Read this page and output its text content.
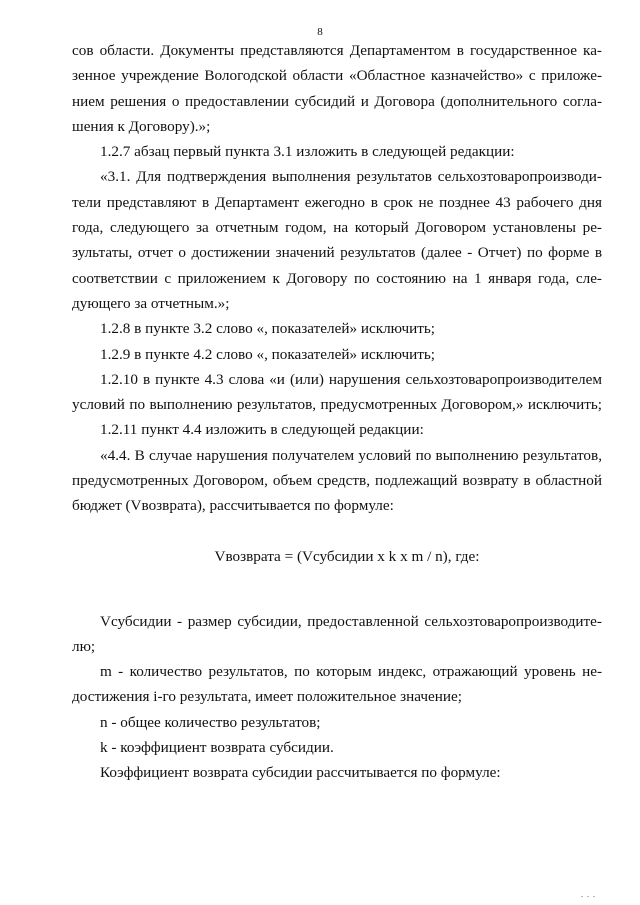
8
сов области. Документы представляются Департаментом в государственное ка-
зенное учреждение Вологодской области «Областное казначейство» с приложе-
нием решения о предоставлении субсидий и Договора (дополнительного согла-
шения к Договору).»;
1.2.7 абзац первый пункта 3.1 изложить в следующей редакции:
«3.1. Для подтверждения выполнения результатов сельхозтоваропроизводи-
тели представляют в Департамент ежегодно в срок не позднее 43 рабочего дня
года, следующего за отчетным годом, на который Договором установлены ре-
зультаты, отчет о достижении значений результатов (далее - Отчет) по форме в
соответствии с приложением к Договору по состоянию на 1 января года, сле-
дующего за отчетным.»;
1.2.8 в пункте 3.2 слово «, показателей» исключить;
1.2.9 в пункте 4.2 слово «, показателей» исключить;
1.2.10 в пункте 4.3 слова «и (или) нарушения сельхозтоваропроизводителем
условий по выполнению результатов, предусмотренных Договором,» исключить;
1.2.11 пункт 4.4 изложить в следующей редакции:
«4.4. В случае нарушения получателем условий по выполнению результатов,
предусмотренных Договором, объем средств, подлежащий возврату в областной
бюджет (Vвозврата), рассчитывается по формуле:
Vвозврата = (Vсубсидии x k x m / n), где:
Vсубсидии - размер субсидии, предоставленной сельхозтоваропроизводите-
лю;
m - количество результатов, по которым индекс, отражающий уровень не-
достижения i-го результата, имеет положительное значение;
n - общее количество результатов;
k - коэффициент возврата субсидии.
Коэффициент возврата субсидии рассчитывается по формуле:
. . .
